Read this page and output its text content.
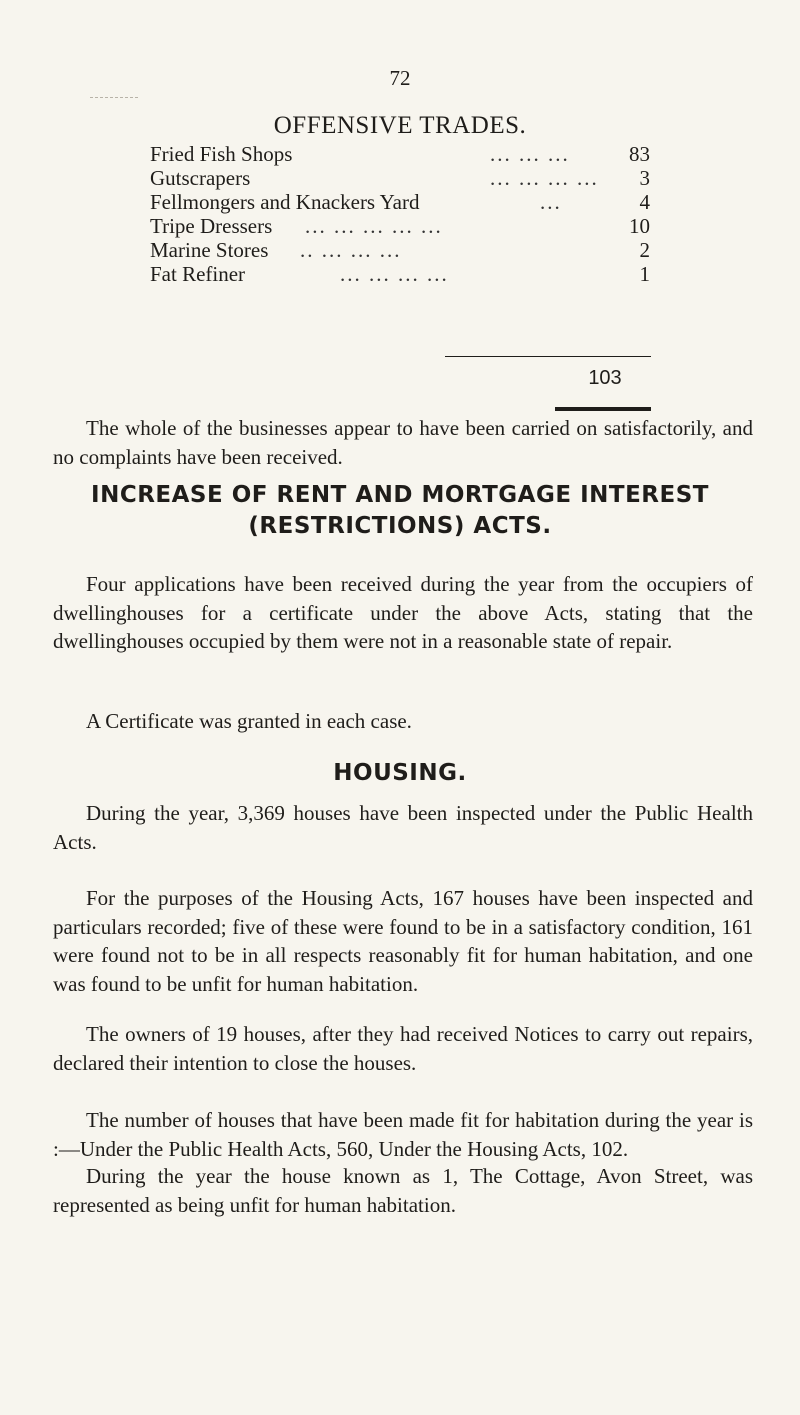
72
OFFENSIVE TRADES.
Fried Fish Shops	... ... ...	83
Gutscrapers	... ... ... ...	3
Fellmongers and Knackers Yard	...	4
Tripe Dressers ... ... ... ... ...	10
Marine Stores .. ... ... ...	2
Fat Refiner	... ... ... ...	1
103

The whole of the businesses appear to have been carried on satisfactorily, and no complaints have been received.

INCREASE OF RENT AND MORTGAGE INTEREST
(RESTRICTIONS) ACTS.

Four applications have been received during the year from the occupiers of dwellinghouses for a certificate under the above Acts, stating that the dwellinghouses occupied by them were not in a reasonable state of repair.

A Certificate was granted in each case.

HOUSING.

During the year, 3,369 houses have been inspected under the Public Health Acts.

For the purposes of the Housing Acts, 167 houses have been inspected and particulars recorded; five of these were found to be in a satisfactory condition, 161 were found not to be in all respects reasonably fit for human habitation, and one was found to be unfit for human habitation.

The owners of 19 houses, after they had received Notices to carry out repairs, declared their intention to close the houses.

The number of houses that have been made fit for habitation during the year is :—Under the Public Health Acts, 560, Under the Housing Acts, 102.

During the year the house known as 1, The Cottage, Avon Street, was represented as being unfit for human habitation.
